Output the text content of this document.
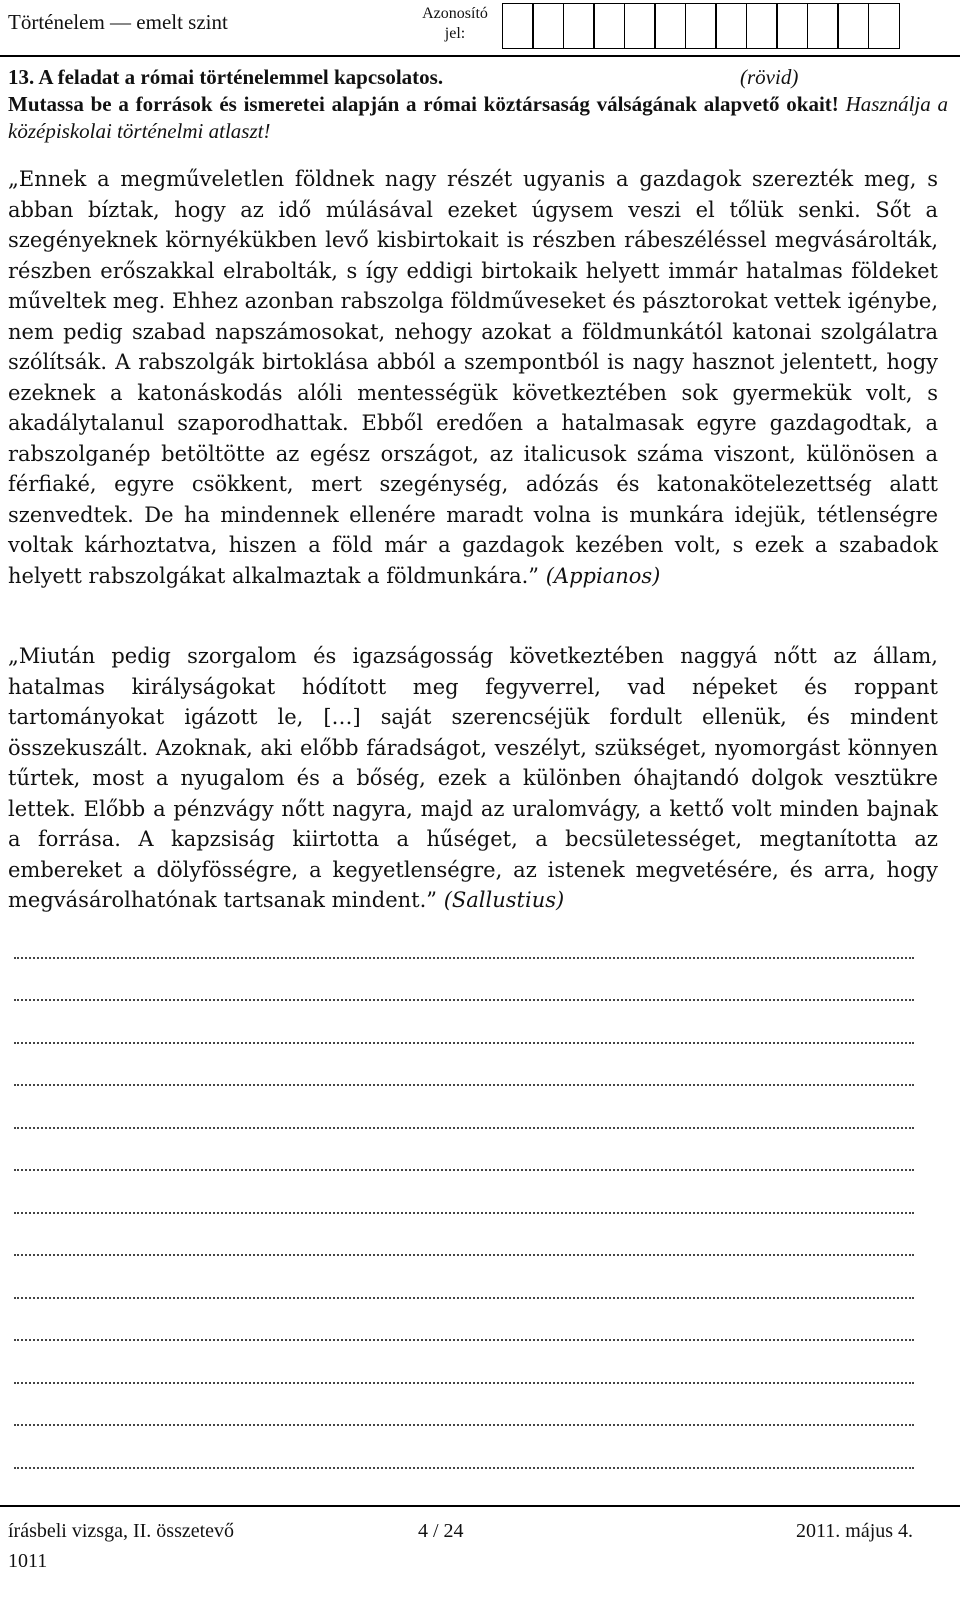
Történelem — emelt szint	Azonosító jel:
13. A feladat a római történelemmel kapcsolatos.	(rövid)
Mutassa be a források és ismeretei alapján a római köztársaság válságának alapvető okait! Használja a középiskolai történelmi atlaszt!
„Ennek a megműveletlen földnek nagy részét ugyanis a gazdagok szerezték meg, s abban bíztak, hogy az idő múlásával ezeket úgysem veszi el tőlük senki. Sőt a szegényeknek környékükben levő kisbirtokait is részben rábeszéléssel megvásárolták, részben erőszakkal elrabolták, s így eddigi birtokaik helyett immár hatalmas földeket műveltek meg. Ehhez azonban rabszolga földműveseket és pásztorokat vettek igénybe, nem pedig szabad napszámosokat, nehogy azokat a földmunkától katonai szolgálatra szólítsák. A rabszolgák birtoklása abból a szempontból is nagy hasznot jelentett, hogy ezeknek a katonáskodás alóli mentességük következtében sok gyermekük volt, s akadálytalanul szaporodhattak. Ebből eredően a hatalmasak egyre gazdagodtak, a rabszolganép betöltötte az egész országot, az italicusok száma viszont, különösen a férfiaké, egyre csökkent, mert szegénység, adózás és katonakötelezettség alatt szenvedtek. De ha mindennek ellenére maradt volna is munkára idejük, tétlenségre voltak kárhoztatva, hiszen a föld már a gazdagok kezében volt, s ezek a szabadok helyett rabszolgákat alkalmaztak a földmunkára.” (Appianos)
„Miután pedig szorgalom és igazságosság következtében naggyá nőtt az állam, hatalmas királyságokat hódított meg fegyverrel, vad népeket és roppant tartományokat igázott le, […] saját szerencséjük fordult ellenük, és mindent összekuszált. Azoknak, aki előbb fáradságot, veszélyt, szükséget, nyomorgást könnyen tűrtek, most a nyugalom és a bőség, ezek a különben óhajtandó dolgok vesztükre lettek. Előbb a pénzvágy nőtt nagyra, majd az uralomvágy, a kettő volt minden bajnak a forrása. A kapzsiság kiirtotta a hűséget, a becsületességet, megtanította az embereket a dölyfösségre, a kegyetlenségre, az istenek megvetésére, és arra, hogy megvásárolhatónak tartsanak mindent.” (Sallustius)
írásbeli vizsga, II. összetevő	4 / 24	2011. május 4.
1011
